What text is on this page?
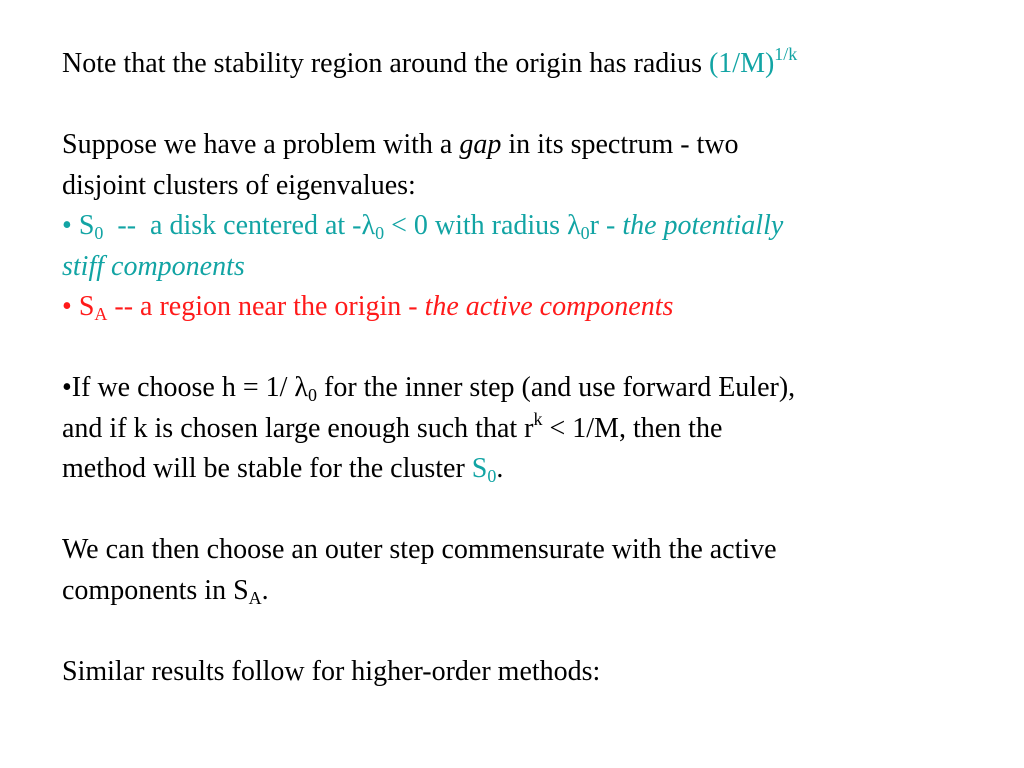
Note that the stability region around the origin has radius $(1/M)^{1/k}$
Suppose we have a problem with a gap in its spectrum - two
disjoint clusters of eigenvalues:
• $S_0$  --  a disk centered at $-\lambda_0 < 0$ with radius $\lambda_0r$ - the potentially
stiff components
• $S_A$ -- a region near the origin - the active components
•If we choose h = 1/ $\lambda_0$ for the inner step (and use forward Euler),
and if k is chosen large enough such that $r^k < 1/M$, then the
method will be stable for the cluster $S_0$.
We can then choose an outer step commensurate with the active
components in $S_A$.
Similar results follow for higher-order methods:
